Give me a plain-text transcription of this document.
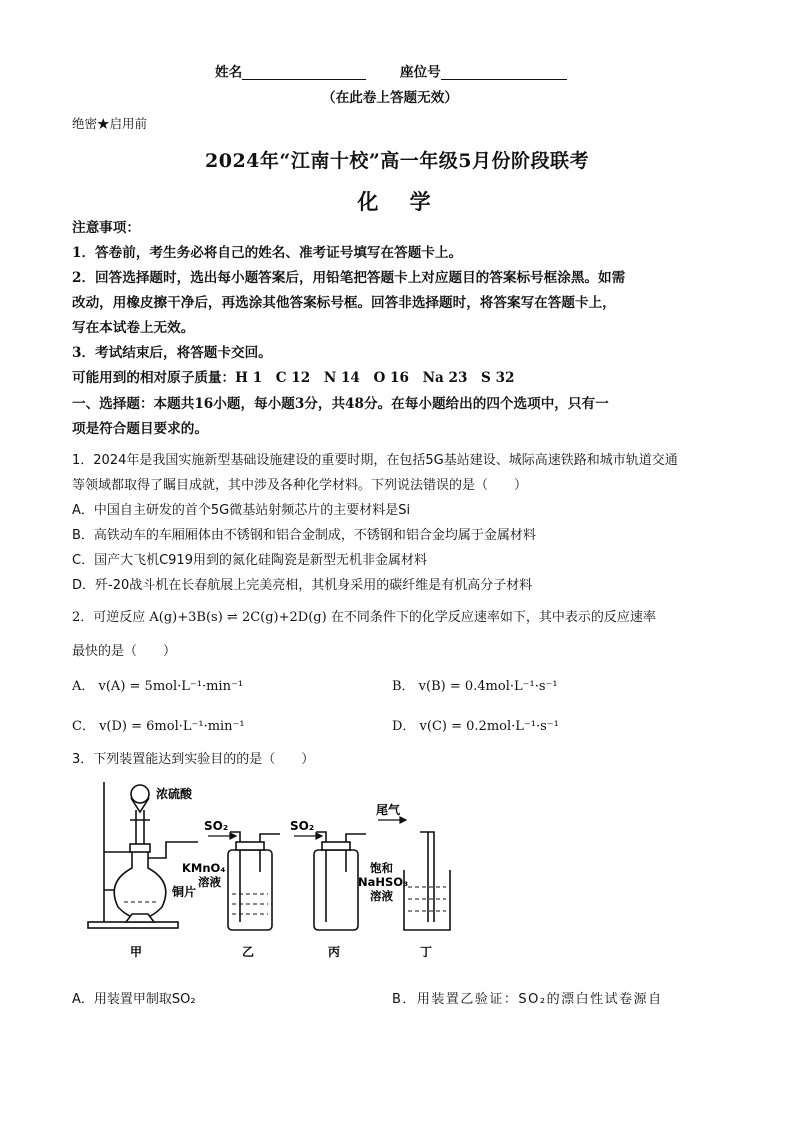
姓名	座位号
（在此卷上答题无效）
绝密★启用前
2024年“江南十校”高一年级5月份阶段联考
化 学
注意事项：
1．答卷前，考生务必将自己的姓名、准考证号填写在答题卡上。
2．回答选择题时，选出每小题答案后，用铅笔把答题卡上对应题目的答案标号框涂黑。如需
改动，用橡皮擦干净后，再选涂其他答案标号框。回答非选择题时，将答案写在答题卡上，
写在本试卷上无效。
3．考试结束后，将答题卡交回。
可能用到的相对原子质量：H 1　C 12　N 14　O 16　Na 23　S 32
一、选择题：本题共16小题，每小题3分，共48分。在每小题给出的四个选项中，只有一
项是符合题目要求的。
1．2024年是我国实施新型基础设施建设的重要时期，在包括5G基站建设、城际高速铁路和城市轨道交通
等领域都取得了瞩目成就，其中涉及各种化学材料。下列说法错误的是（　　）
A．中国自主研发的首个5G微基站射频芯片的主要材料是Si
B．高铁动车的车厢厢体由不锈钢和铝合金制成，不锈钢和铝合金均属于金属材料
C．国产大飞机C919用到的氮化硅陶瓷是新型无机非金属材料
D．歼-20战斗机在长春航展上完美亮相，其机身采用的碳纤维是有机高分子材料
2．可逆反应 A(g)+3B(s) ⇌ 2C(g)+2D(g) 在不同条件下的化学反应速率如下，其中表示的反应速率
最快的是（　　）
A． v(A) = 5mol·L⁻¹·min⁻¹	B． v(B) = 0.4mol·L⁻¹·s⁻¹
C． v(D) = 6mol·L⁻¹·min⁻¹	D． v(C) = 0.2mol·L⁻¹·s⁻¹
3．下列装置能达到实验目的的是（　　）
浓硫酸
铜片
SO₂	SO₂
尾气
KMnO₄
溶液
饱和
NaHSO₃
溶液
甲	乙	丙	丁
A．用装置甲制取SO₂	B．用装置乙验证：SO₂的漂白性试卷源自
